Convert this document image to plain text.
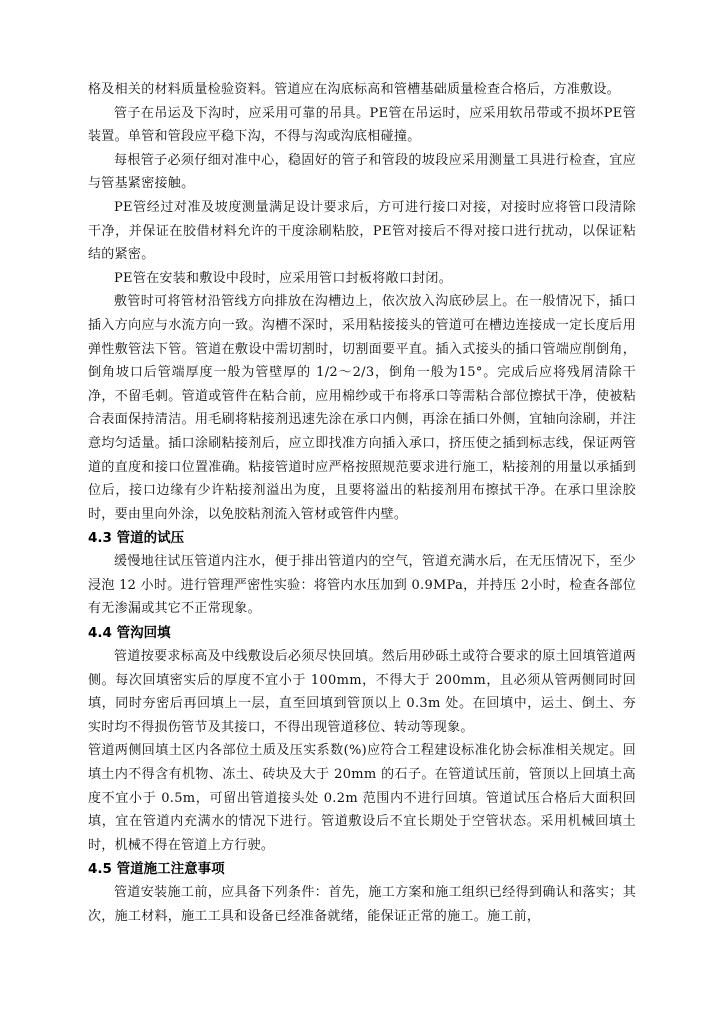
格及相关的材料质量检验资料。管道应在沟底标高和管槽基础质量检查合格后，方准敷设。

管子在吊运及下沟时，应采用可靠的吊具。PE管在吊运时，应采用软吊带或不损坏PE管装置。单管和管段应平稳下沟，不得与沟或沟底相碰撞。

每根管子必须仔细对准中心，稳固好的管子和管段的坡段应采用测量工具进行检查，宜应与管基紧密接触。

PE管经过对准及坡度测量满足设计要求后，方可进行接口对接，对接时应将管口段清除干净，并保证在胶借材料允许的干度涂刷粘胶，PE管对接后不得对接口进行扰动，以保证粘结的紧密。

PE管在安装和敷设中段时，应采用管口封板将敞口封闭。

敷管时可将管材沿管线方向排放在沟槽边上，依次放入沟底砂层上。在一般情况下，插口插入方向应与水流方向一致。沟槽不深时，采用粘接接头的管道可在槽边连接成一定长度后用弹性敷管法下管。管道在敷设中需切割时，切割面要平直。插入式接头的插口管端应削倒角，倒角坡口后管端厚度一般为管壁厚的 1/2～2/3，倒角一般为15°。完成后应将残屑清除干净，不留毛刺。管道或管件在粘合前，应用棉纱或干布将承口等需粘合部位擦拭干净，使被粘合表面保持清洁。用毛刷将粘接剂迅速先涂在承口内侧，再涂在插口外侧，宜轴向涂刷，并注意均匀适量。插口涂刷粘接剂后，应立即找准方向插入承口，挤压使之插到标志线，保证两管道的直度和接口位置准确。粘接管道时应严格按照规范要求进行施工，粘接剂的用量以承插到位后，接口边缘有少许粘接剂溢出为度，且要将溢出的粘接剂用布擦拭干净。在承口里涂胶时，要由里向外涂，以免胶粘剂流入管材或管件内壁。

4.3 管道的试压

缓慢地往试压管道内注水，便于排出管道内的空气，管道充满水后，在无压情况下，至少浸泡 12 小时。进行管理严密性实验：将管内水压加到 0.9MPa，并持压 2小时，检查各部位有无渗漏或其它不正常现象。

4.4 管沟回填

管道按要求标高及中线敷设后必须尽快回填。然后用砂砾土或符合要求的原土回填管道两侧。每次回填密实后的厚度不宜小于 100mm，不得大于 200mm，且必须从管两侧同时回填，同时夯密后再回填上一层，直至回填到管顶以上 0.3m 处。在回填中，运土、倒土、夯实时均不得损伤管节及其接口，不得出现管道移位、转动等现象。

管道两侧回填土区内各部位土质及压实系数(%)应符合工程建设标准化协会标准相关规定。回填土内不得含有机物、冻土、砖块及大于 20mm 的石子。在管道试压前，管顶以上回填土高度不宜小于 0.5m，可留出管道接头处 0.2m 范围内不进行回填。管道试压合格后大面积回填，宜在管道内充满水的情况下进行。管道敷设后不宜长期处于空管状态。采用机械回填土时，机械不得在管道上方行驶。

4.5 管道施工注意事项

管道安装施工前，应具备下列条件：首先，施工方案和施工组织已经得到确认和落实；其次，施工材料，施工工具和设备已经准备就绪，能保证正常的施工。施工前，
